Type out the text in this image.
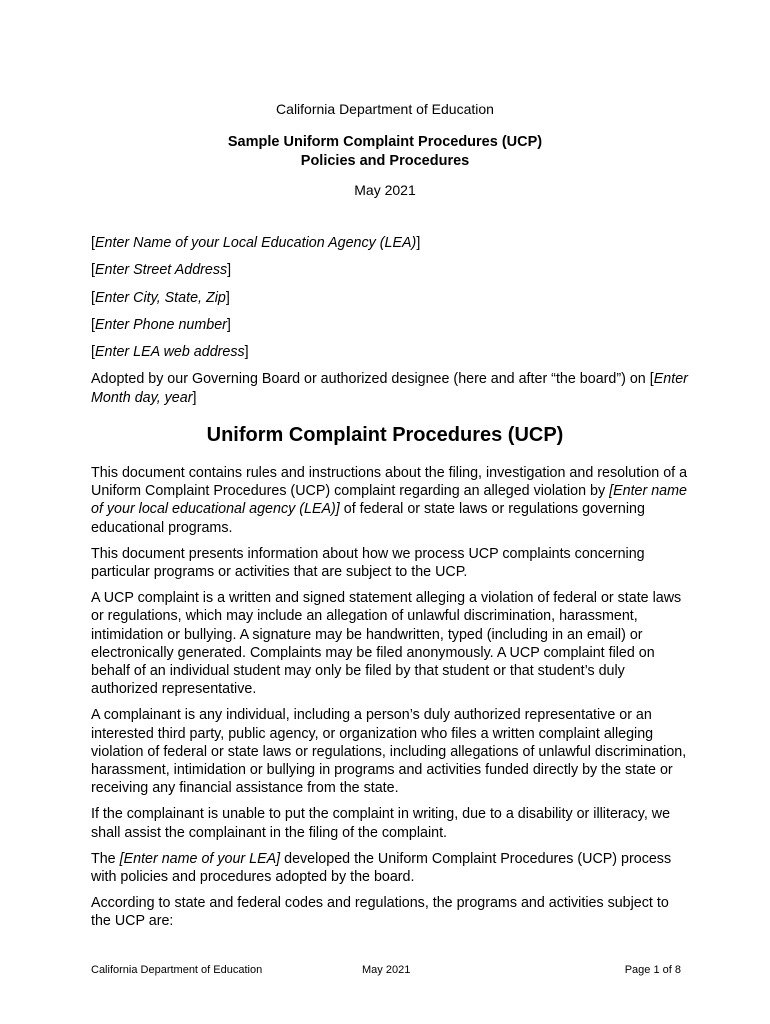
California Department of Education
Sample Uniform Complaint Procedures (UCP)
Policies and Procedures
May 2021
[Enter Name of your Local Education Agency (LEA)]
[Enter Street Address]
[Enter City, State, Zip]
[Enter Phone number]
[Enter LEA web address]
Adopted by our Governing Board or authorized designee (here and after “the board”) on [Enter Month day, year]
Uniform Complaint Procedures (UCP)

This document contains rules and instructions about the filing, investigation and resolution of a Uniform Complaint Procedures (UCP) complaint regarding an alleged violation by [Enter name of your local educational agency (LEA)] of federal or state laws or regulations governing educational programs.

This document presents information about how we process UCP complaints concerning particular programs or activities that are subject to the UCP.

A UCP complaint is a written and signed statement alleging a violation of federal or state laws or regulations, which may include an allegation of unlawful discrimination, harassment, intimidation or bullying. A signature may be handwritten, typed (including in an email) or electronically generated. Complaints may be filed anonymously. A UCP complaint filed on behalf of an individual student may only be filed by that student or that student’s duly authorized representative.

A complainant is any individual, including a person’s duly authorized representative or an interested third party, public agency, or organization who files a written complaint alleging violation of federal or state laws or regulations, including allegations of unlawful discrimination, harassment, intimidation or bullying in programs and activities funded directly by the state or receiving any financial assistance from the state.

If the complainant is unable to put the complaint in writing, due to a disability or illiteracy, we shall assist the complainant in the filing of the complaint.

The [Enter name of your LEA] developed the Uniform Complaint Procedures (UCP) process with policies and procedures adopted by the board.

According to state and federal codes and regulations, the programs and activities subject to the UCP are:

California Department of Education	May 2021	Page 1 of 8
